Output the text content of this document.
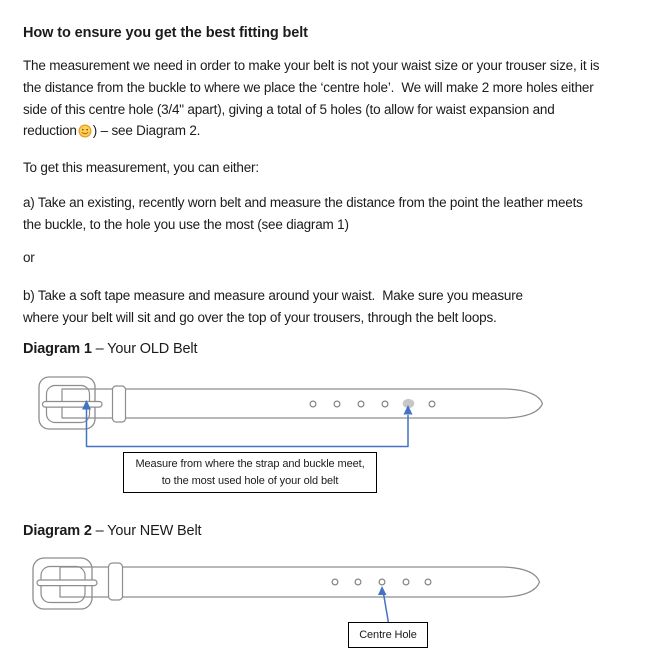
How to ensure you get the best fitting belt
The measurement we need in order to make your belt is not your waist size or your trouser size, it is
the distance from the buckle to where we place the ‘centre hole’.  We will make 2 more holes either
side of this centre hole (3/4" apart), giving a total of 5 holes (to allow for waist expansion and
reduction ) – see Diagram 2.
To get this measurement, you can either:
a) Take an existing, recently worn belt and measure the distance from the point the leather meets
the buckle, to the hole you use the most (see diagram 1)
or
b) Take a soft tape measure and measure around your waist.  Make sure you measure
where your belt will sit and go over the top of your trousers, through the belt loops.
Diagram 1 – Your OLD Belt
Diagram 2 – Your NEW Belt
Measure from where the strap and buckle meet,
to the most used hole of your old belt
Centre Hole
